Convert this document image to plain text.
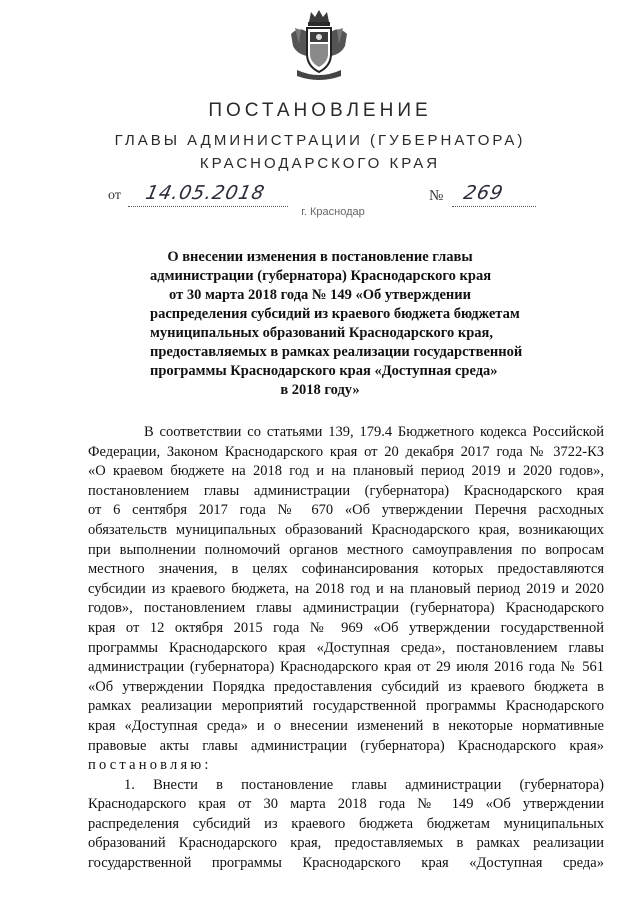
ПОСТАНОВЛЕНИЕ
ГЛАВЫ АДМИНИСТРАЦИИ (ГУБЕРНАТОРА)
КРАСНОДАРСКОГО КРАЯ
от 14.05.2018	№ 269
г. Краснодар
О внесении изменения в постановление главы
администрации (губернатора) Краснодарского края
от 30 марта 2018 года № 149 «Об утверждении
распределения субсидий из краевого бюджета бюджетам
муниципальных образований Краснодарского края,
предоставляемых в рамках реализации государственной
программы Краснодарского края «Доступная среда»
в 2018 году»
В соответствии со статьями 139, 179.4 Бюджетного кодекса Российской
Федерации, Законом Краснодарского края от 20 декабря 2017 года № 3722-КЗ
«О краевом бюджете на 2018 год и на плановый период 2019 и 2020 годов»,
постановлением главы администрации (губернатора) Краснодарского края
от 6 сентября 2017 года № 670 «Об утверждении Перечня расходных
обязательств муниципальных образований Краснодарского края, возникающих
при выполнении полномочий органов местного самоуправления по вопросам
местного значения, в целях софинансирования которых предоставляются
субсидии из краевого бюджета, на 2018 год и на плановый период 2019 и 2020
годов», постановлением главы администрации (губернатора) Краснодарского
края от 12 октября 2015 года № 969 «Об утверждении государственной
программы Краснодарского края «Доступная среда», постановлением главы
администрации (губернатора) Краснодарского края от 29 июля 2016 года № 561
«Об утверждении Порядка предоставления субсидий из краевого бюджета в
рамках реализации мероприятий государственной программы Краснодарского
края «Доступная среда» и о внесении изменений в некоторые нормативные
правовые акты главы администрации (губернатора) Краснодарского края»
постановляю:
1. Внести в постановление главы администрации (губернатора)
Краснодарского края от 30 марта 2018 года № 149 «Об утверждении
распределения субсидий из краевого бюджета бюджетам муниципальных
образований Краснодарского края, предоставляемых в рамках реализации
государственной программы Краснодарского края «Доступная среда»
